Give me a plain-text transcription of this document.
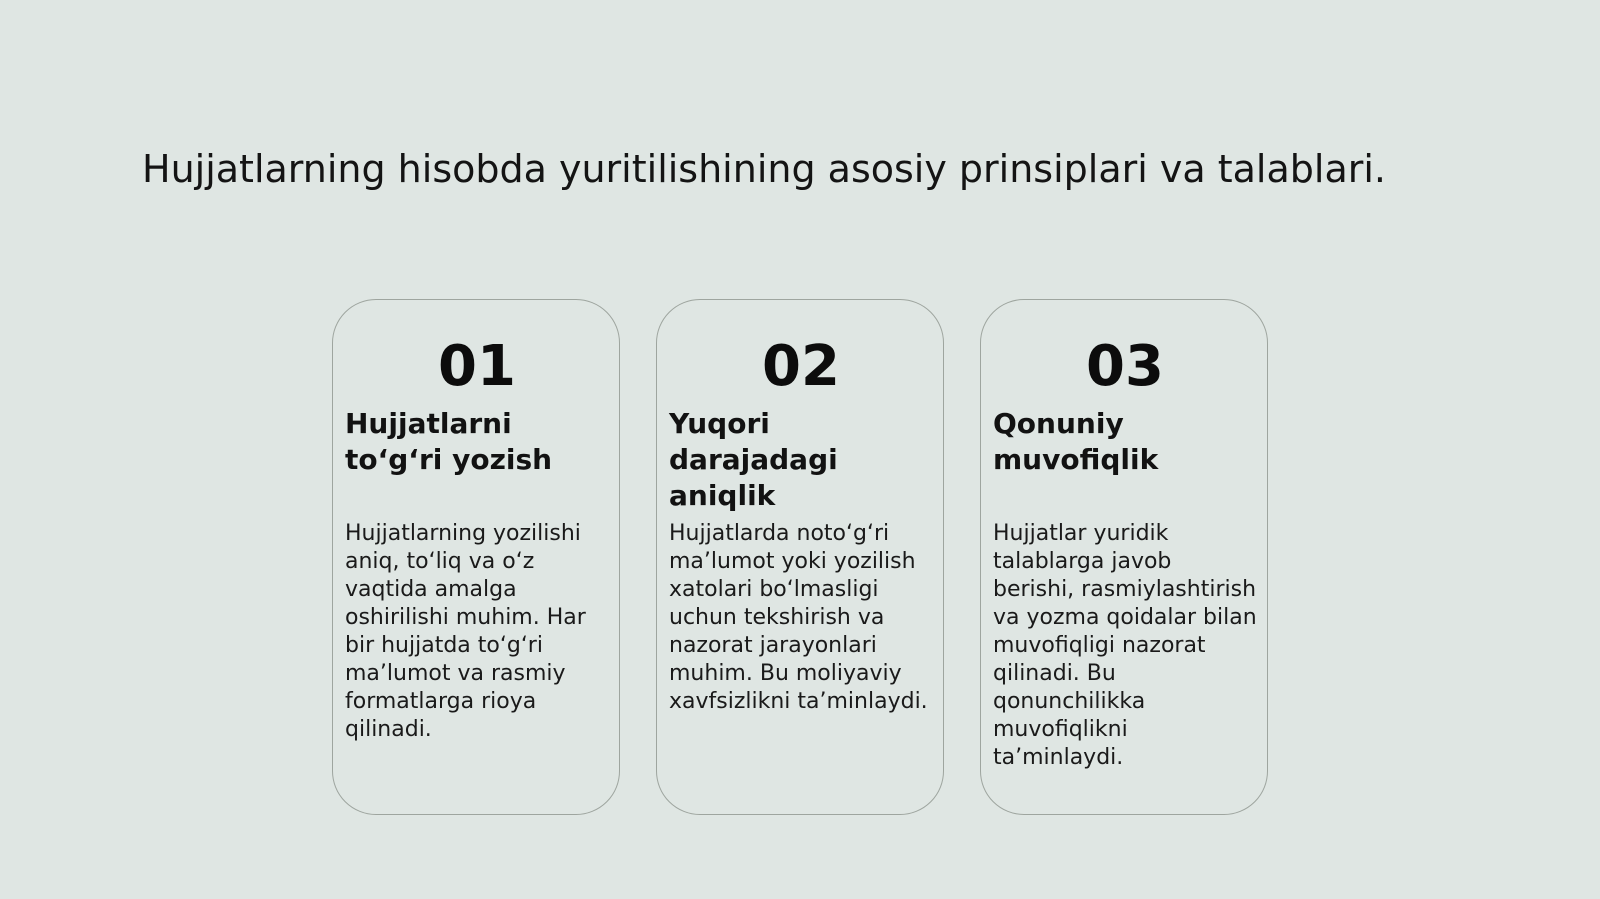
Hujjatlarning hisobda yuritilishining asosiy prinsiplari va talablari.
01
Hujjatlarni to‘g‘ri yozish
Hujjatlarning yozilishi aniq, to‘liq va o‘z vaqtida amalga oshirilishi muhim. Har bir hujjatda to‘g‘ri ma’lumot va rasmiy formatlarga rioya qilinadi.
02
Yuqori darajadagi aniqlik
Hujjatlarda noto‘g‘ri ma’lumot yoki yozilish xatolari bo‘lmasligi uchun tekshirish va nazorat jarayonlari muhim. Bu moliyaviy xavfsizlikni ta’minlaydi.
03
Qonuniy muvofiqlik
Hujjatlar yuridik talablarga javob berishi, rasmiylashtirish va yozma qoidalar bilan muvofiqligi nazorat qilinadi. Bu qonunchilikka muvofiqlikni ta’minlaydi.
